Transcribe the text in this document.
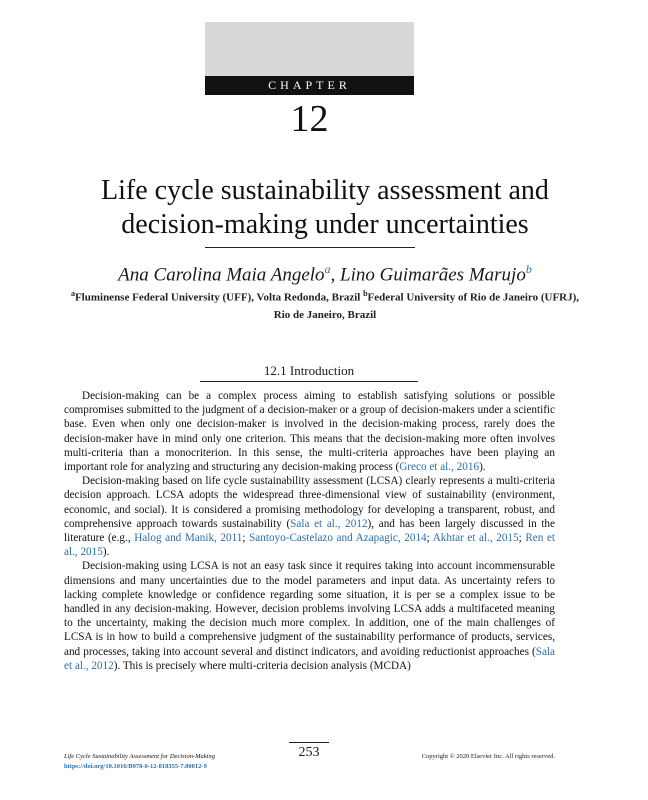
CHAPTER
12
Life cycle sustainability assessment and
decision-making under uncertainties
Ana Carolina Maia Angelo$^a$, Lino Guimarães Marujo$^b$
$^a$Fluminense Federal University (UFF), Volta Redonda, Brazil $^b$Federal University of Rio de Janeiro (UFRJ), Rio de Janeiro, Brazil
12.1 Introduction

Decision-making can be a complex process aiming to establish satisfying solutions or possible compromises submitted to the judgment of a decision-maker or a group of decision-makers under a scientific base. Even when only one decision-maker is involved in the decision-making process, rarely does the decision-maker have in mind only one criterion. This means that the decision-making more often involves multi-criteria than a monocriterion. In this sense, the multi-criteria approaches have been playing an important role for analyzing and structuring any decision-making process (Greco et al., 2016).

Decision-making based on life cycle sustainability assessment (LCSA) clearly represents a multi-criteria decision approach. LCSA adopts the widespread three-dimensional view of sustainability (environment, economic, and social). It is considered a promising methodology for developing a transparent, robust, and comprehensive approach towards sustainability (Sala et al., 2012), and has been largely discussed in the literature (e.g., Halog and Manik, 2011; Santoyo-Castelazo and Azapagic, 2014; Akhtar et al., 2015; Ren et al., 2015).

Decision-making using LCSA is not an easy task since it requires taking into account incommensurable dimensions and many uncertainties due to the model parameters and input data. As uncertainty refers to lacking complete knowledge or confidence regarding some situation, it is per se a complex issue to be handled in any decision-making. However, decision problems involving LCSA adds a multifaceted meaning to the uncertainty, making the decision much more complex. In addition, one of the main challenges of LCSA is in how to build a comprehensive judgment of the sustainability performance of products, services, and processes, taking into account several and distinct indicators, and avoiding reductionist approaches (Sala et al., 2012). This is precisely where multi-criteria decision analysis (MCDA)

Life Cycle Sustainability Assessment for Decision-Making
https://doi.org/10.1016/B978-0-12-818355-7.00012-9
253	Copyright © 2020 Elsevier Inc. All rights reserved.
